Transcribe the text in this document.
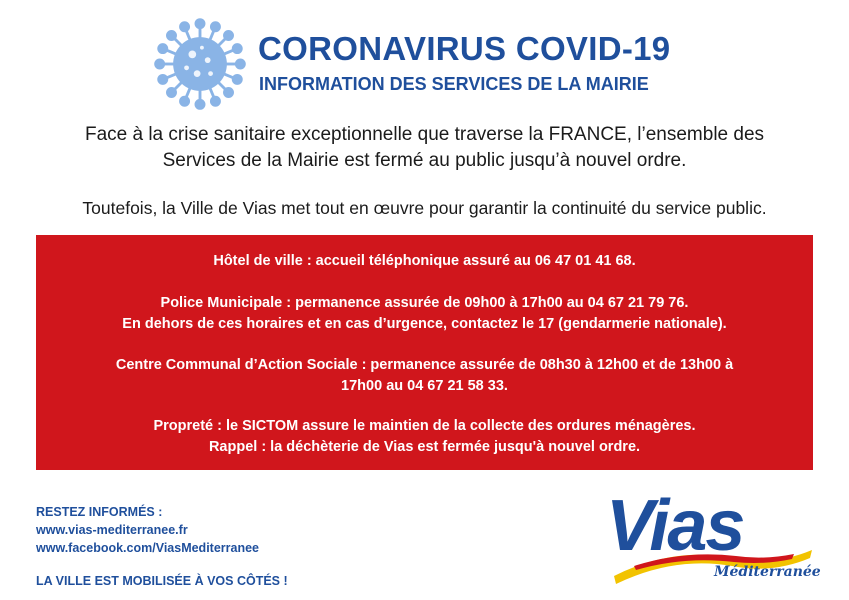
CORONAVIRUS COVID-19
INFORMATION DES SERVICES DE LA MAIRIE
Face à la crise sanitaire exceptionnelle que traverse la FRANCE, l’ensemble des
Services de la Mairie est fermé au public jusqu’à nouvel ordre.
Toutefois, la Ville de Vias met tout en œuvre pour garantir la continuité du service public.
Hôtel de ville : accueil téléphonique assuré au 06 47 01 41 68.
Police Municipale : permanence assurée de 09h00 à 17h00 au 04 67 21 79 76.
En dehors de ces horaires et en cas d’urgence, contactez le 17 (gendarmerie nationale).
Centre Communal d’Action Sociale : permanence assurée de 08h30 à 12h00 et de 13h00 à
17h00 au 04 67 21 58 33.
Propreté : le SICTOM assure le maintien de la collecte des ordures ménagères.
Rappel : la déchèterie de Vias est fermée jusqu'à nouvel ordre.
RESTEZ INFORMÉS :
www.vias-mediterranee.fr
www.facebook.com/ViasMediterranee
LA VILLE EST MOBILISÉE À VOS CÔTÉS !
Vias
Méditerranée
